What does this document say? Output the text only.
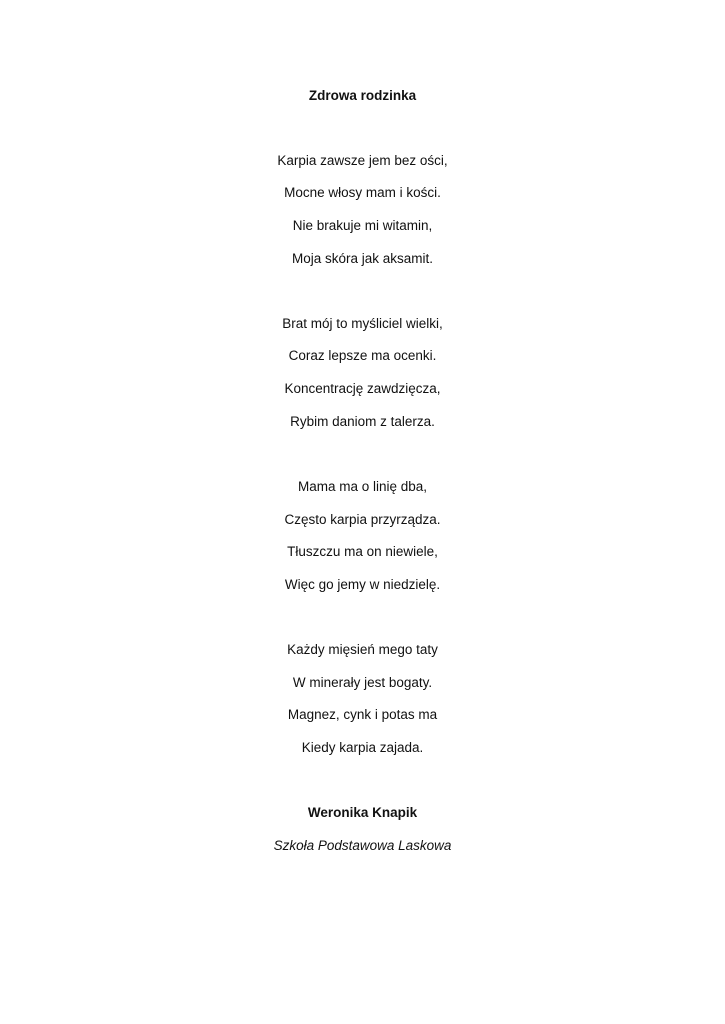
Zdrowa rodzinka
Karpia zawsze jem bez ości,
Mocne włosy mam i kości.
Nie brakuje mi witamin,
Moja skóra jak aksamit.
Brat mój to myśliciel wielki,
Coraz lepsze ma ocenki.
Koncentrację zawdzięcza,
Rybim daniom z talerza.
Mama ma o linię dba,
Często karpia przyrządza.
Tłuszczu ma on niewiele,
Więc go jemy w niedzielę.
Każdy mięsień mego taty
W minerały jest bogaty.
Magnez, cynk i potas ma
Kiedy karpia zajada.
Weronika Knapik
Szkoła Podstawowa Laskowa
